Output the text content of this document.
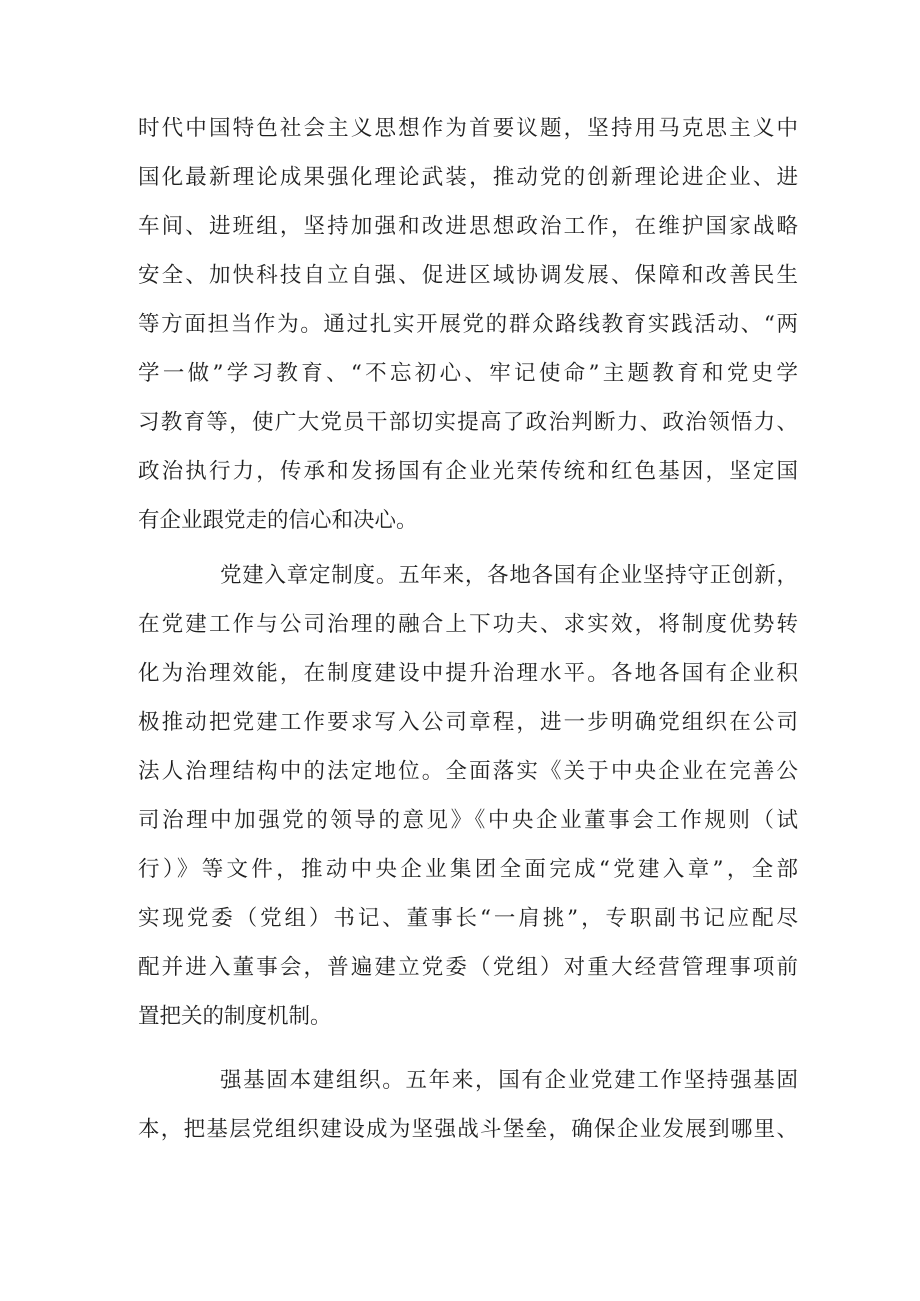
时代中国特色社会主义思想作为首要议题，坚持用马克思主义中
国化最新理论成果强化理论武装，推动党的创新理论进企业、进
车间、进班组，坚持加强和改进思想政治工作，在维护国家战略
安全、加快科技自立自强、促进区域协调发展、保障和改善民生
等方面担当作为。通过扎实开展党的群众路线教育实践活动、“两
学一做”学习教育、“不忘初心、牢记使命”主题教育和党史学
习教育等，使广大党员干部切实提高了政治判断力、政治领悟力、
政治执行力，传承和发扬国有企业光荣传统和红色基因，坚定国
有企业跟党走的信心和决心。
党建入章定制度。五年来，各地各国有企业坚持守正创新，
在党建工作与公司治理的融合上下功夫、求实效，将制度优势转
化为治理效能，在制度建设中提升治理水平。各地各国有企业积
极推动把党建工作要求写入公司章程，进一步明确党组织在公司
法人治理结构中的法定地位。全面落实《关于中央企业在完善公
司治理中加强党的领导的意见》《中央企业董事会工作规则（试
行）》等文件，推动中央企业集团全面完成“党建入章”，全部
实现党委（党组）书记、董事长“一肩挑”，专职副书记应配尽
配并进入董事会，普遍建立党委（党组）对重大经营管理事项前
置把关的制度机制。
强基固本建组织。五年来，国有企业党建工作坚持强基固
本，把基层党组织建设成为坚强战斗堡垒，确保企业发展到哪里、
